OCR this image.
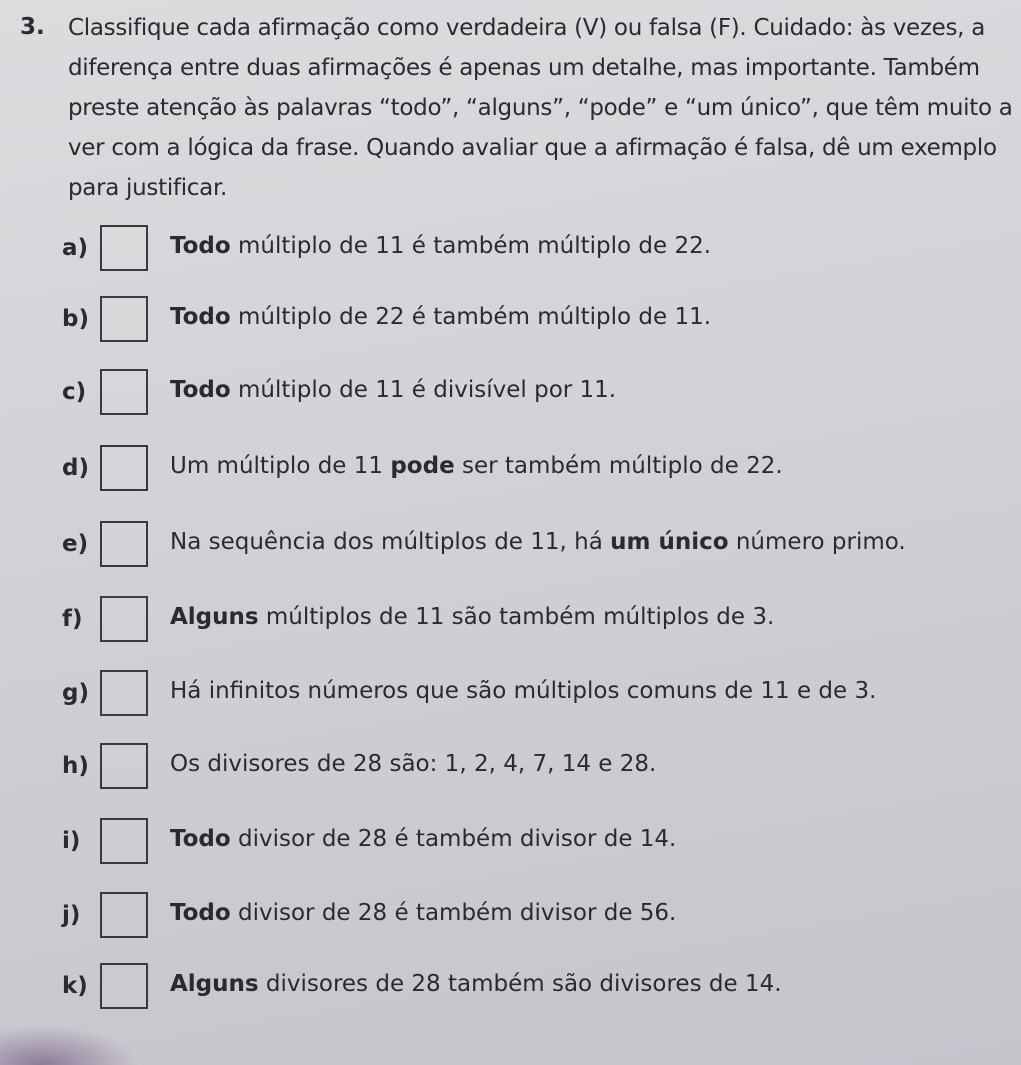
3. Classifique cada afirmação como verdadeira (V) ou falsa (F). Cuidado: às vezes, a

diferença entre duas afirmações é apenas um detalhe, mas importante. Também

preste atenção às palavras “todo”, “alguns”, “pode” e “um único”, que têm muito a

ver com a lógica da frase. Quando avaliar que a afirmação é falsa, dê um exemplo

para justificar.

a)	Todo múltiplo de 11 é também múltiplo de 22.
b)	Todo múltiplo de 22 é também múltiplo de 11.
c)	Todo múltiplo de 11 é divisível por 11.
d)	Um múltiplo de 11 pode ser também múltiplo de 22.
e)	Na sequência dos múltiplos de 11, há um único número primo.
f)	Alguns múltiplos de 11 são também múltiplos de 3.
g)	Há infinitos números que são múltiplos comuns de 11 e de 3.
h)	Os divisores de 28 são: 1, 2, 4, 7, 14 e 28.
i)	Todo divisor de 28 é também divisor de 14.
j)	Todo divisor de 28 é também divisor de 56.
k)	Alguns divisores de 28 também são divisores de 14.
